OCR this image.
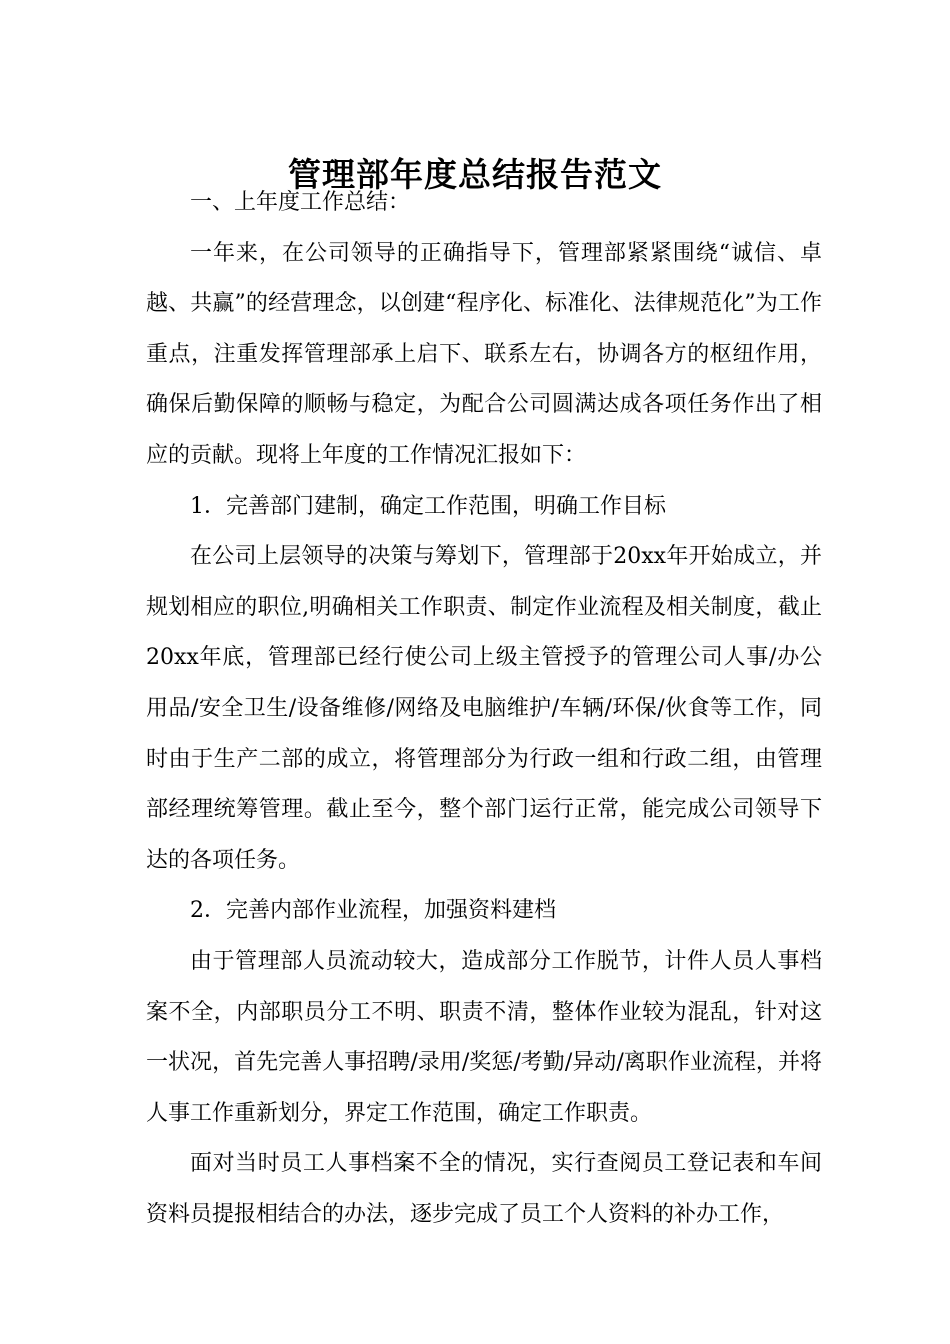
管理部年度总结报告范文

一、上年度工作总结：

一年来，在公司领导的正确指导下，管理部紧紧围绕“诚信、卓越、共赢”的经营理念，以创建“程序化、标准化、法律规范化”为工作重点，注重发挥管理部承上启下、联系左右，协调各方的枢纽作用，确保后勤保障的顺畅与稳定，为配合公司圆满达成各项任务作出了相应的贡献。现将上年度的工作情况汇报如下：

1．完善部门建制，确定工作范围，明确工作目标

在公司上层领导的决策与筹划下，管理部于20xx年开始成立，并规划相应的职位,明确相关工作职责、制定作业流程及相关制度，截止20xx年底，管理部已经行使公司上级主管授予的管理公司人事/办公用品/安全卫生/设备维修/网络及电脑维护/车辆/环保/伙食等工作，同时由于生产二部的成立，将管理部分为行政一组和行政二组，由管理部经理统筹管理。截止至今，整个部门运行正常，能完成公司领导下达的各项任务。

2．完善内部作业流程，加强资料建档

由于管理部人员流动较大，造成部分工作脱节，计件人员人事档案不全，内部职员分工不明、职责不清，整体作业较为混乱，针对这一状况，首先完善人事招聘/录用/奖惩/考勤/异动/离职作业流程，并将人事工作重新划分，界定工作范围，确定工作职责。

面对当时员工人事档案不全的情况，实行查阅员工登记表和车间资料员提报相结合的办法，逐步完成了员工个人资料的补办工作，
